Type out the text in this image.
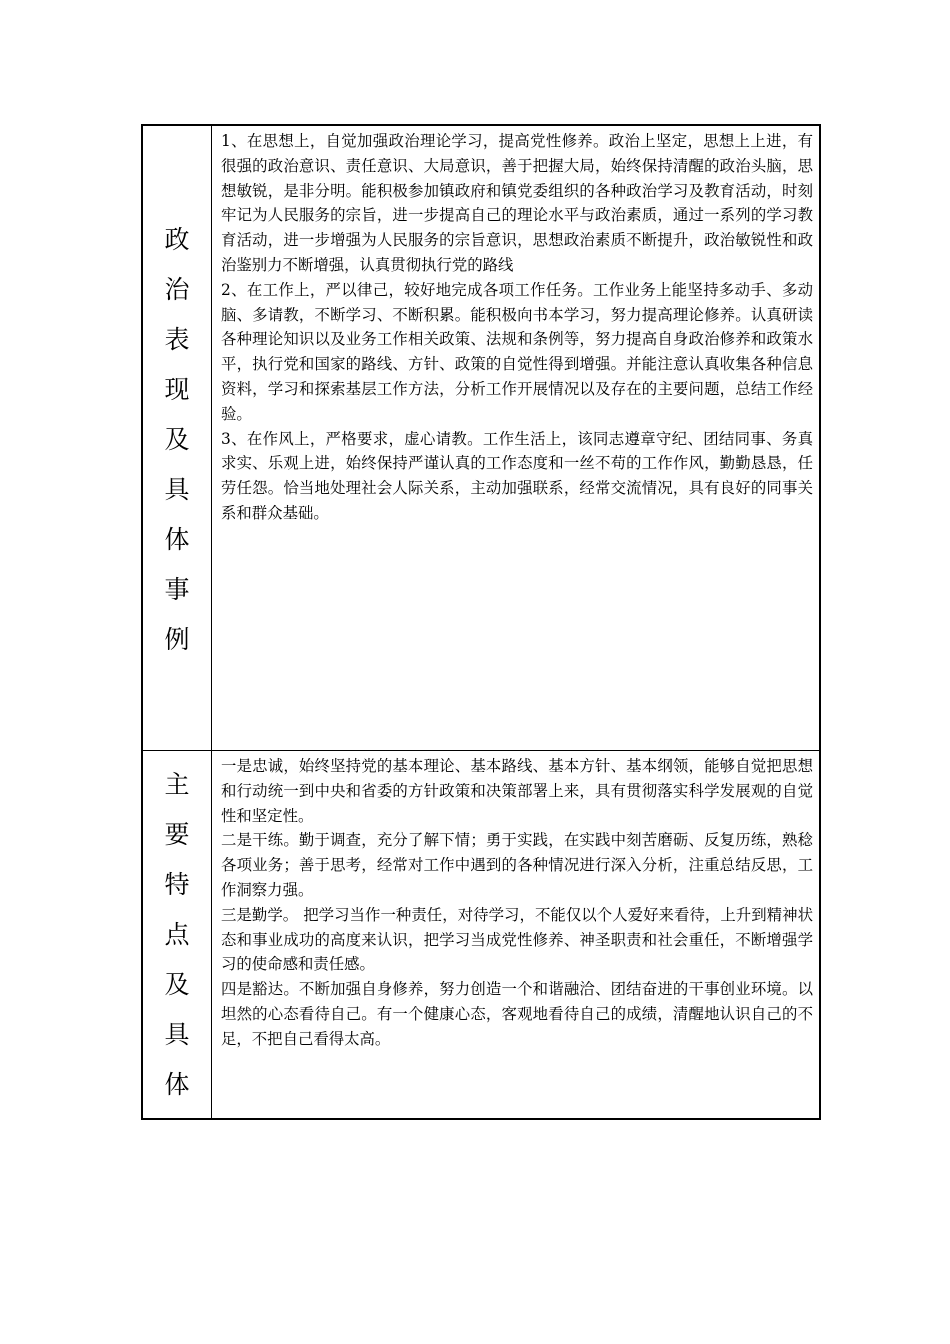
政
治
表
现
及
具
体
事
例

1、在思想上，自觉加强政治理论学习，提高党性修养。政治上坚定，思想上上进，有很强的政治意识、责任意识、大局意识，善于把握大局，始终保持清醒的政治头脑，思想敏锐，是非分明。能积极参加镇政府和镇党委组织的各种政治学习及教育活动，时刻牢记为人民服务的宗旨，进一步提高自己的理论水平与政治素质，通过一系列的学习教育活动，进一步增强为人民服务的宗旨意识，思想政治素质不断提升，政治敏锐性和政治鉴别力不断增强，认真贯彻执行党的路线

2、在工作上，严以律己，较好地完成各项工作任务。工作业务上能坚持多动手、多动脑、多请教，不断学习、不断积累。能积极向书本学习，努力提高理论修养。认真研读各种理论知识以及业务工作相关政策、法规和条例等，努力提高自身政治修养和政策水平，执行党和国家的路线、方针、政策的自觉性得到增强。并能注意认真收集各种信息资料，学习和探索基层工作方法，分析工作开展情况以及存在的主要问题，总结工作经验。

3、在作风上，严格要求，虚心请教。工作生活上，该同志遵章守纪、团结同事、务真求实、乐观上进，始终保持严谨认真的工作态度和一丝不苟的工作作风，勤勤恳恳，任劳任怨。恰当地处理社会人际关系，主动加强联系，经常交流情况，具有良好的同事关系和群众基础。

主
要
特
点
及
具
体

一是忠诚，始终坚持党的基本理论、基本路线、基本方针、基本纲领，能够自觉把思想和行动统一到中央和省委的方针政策和决策部署上来，具有贯彻落实科学发展观的自觉性和坚定性。

二是干练。勤于调查，充分了解下情；勇于实践，在实践中刻苦磨砺、反复历练，熟稔各项业务；善于思考，经常对工作中遇到的各种情况进行深入分析，注重总结反思，工作洞察力强。

三是勤学。 把学习当作一种责任，对待学习，不能仅以个人爱好来看待，上升到精神状态和事业成功的高度来认识，把学习当成党性修养、神圣职责和社会重任，不断增强学习的使命感和责任感。

四是豁达。不断加强自身修养，努力创造一个和谐融洽、团结奋进的干事创业环境。以坦然的心态看待自己。有一个健康心态，客观地看待自己的成绩，清醒地认识自己的不足，不把自己看得太高。
